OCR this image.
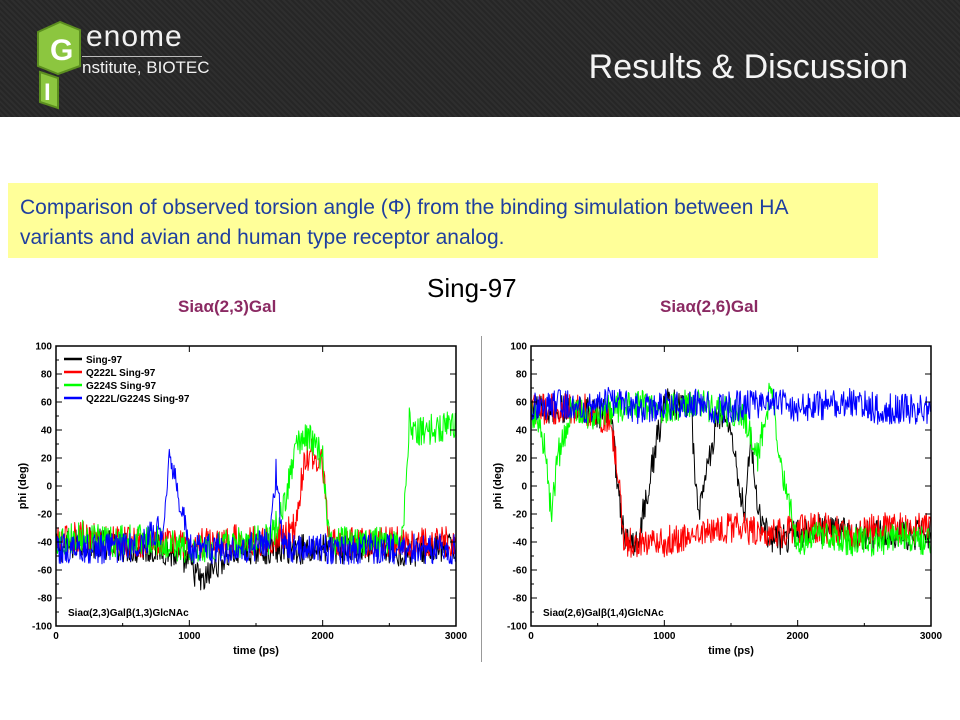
G
I
enome
nstitute, BIOTEC	Results & Discussion
Comparison of observed torsion angle (Φ) from the binding simulation between HA variants and avian and human type receptor analog.
Sing-97
Siaα(2,3)Gal	Siaα(2,6)Gal
-100
-80
-60
-40
-20
0
20
40
60
80
100
0	1000	2000	3000
time (ps)
phi (deg)
Siaα(2,3)Galβ(1,3)GlcNAc
Sing-97
Q222L Sing-97
G224S Sing-97
Q222L/G224S Sing-97
-100
-80
-60
-40
-20
0
20
40
60
80
100
0	1000	2000	3000
time (ps)
phi (deg)
Siaα(2,6)Galβ(1,4)GlcNAc
